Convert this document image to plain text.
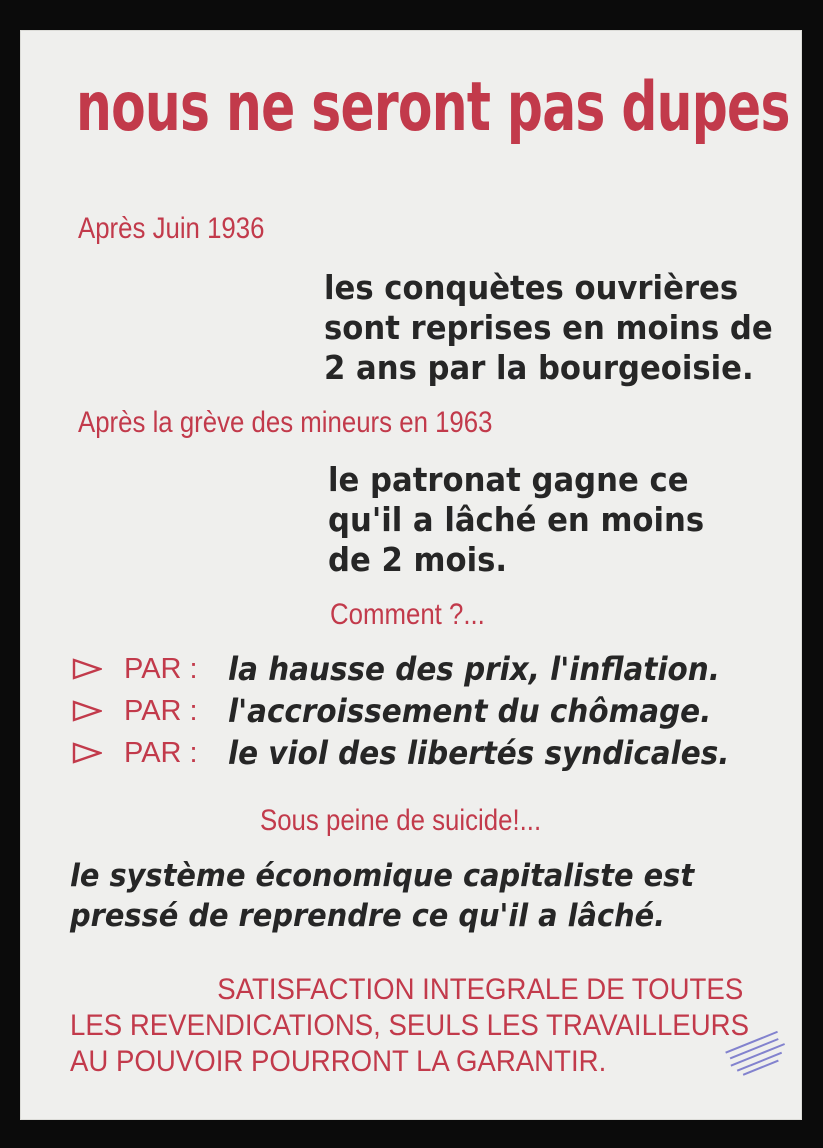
nous ne seront pas dupes
Après Juin 1936
les conquètes ouvrières
sont reprises en moins de
2 ans par la bourgeoisie.
Après la grève des mineurs en 1963
le patronat gagne ce
qu'il a lâché en moins
de 2 mois.
Comment ?...
PAR : la hausse des prix, l'inflation.
PAR : l'accroissement du chômage.
PAR : le viol des libertés syndicales.
Sous peine de suicide!...
le système économique capitaliste est
pressé de reprendre ce qu'il a lâché.
SATISFACTION INTEGRALE DE TOUTES
LES REVENDICATIONS, SEULS LES TRAVAILLEURS
AU POUVOIR POURRONT LA GARANTIR.
